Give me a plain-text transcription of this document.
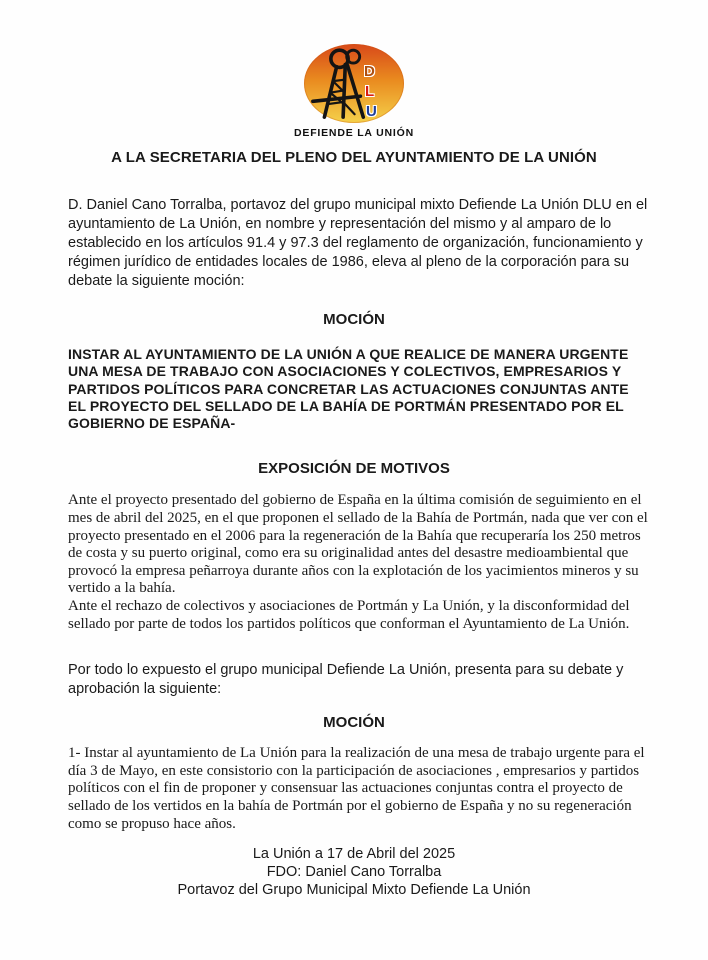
D
L
U
DEFIENDE LA UNIÓN
A LA SECRETARIA DEL PLENO DEL AYUNTAMIENTO DE LA UNIÓN

D. Daniel Cano Torralba, portavoz del grupo municipal mixto Defiende La Unión DLU en el ayuntamiento de La Unión, en nombre y representación del mismo y al amparo de lo establecido en los artículos 91.4 y 97.3 del reglamento de organización, funcionamiento y régimen jurídico de entidades locales de 1986, eleva al pleno de la corporación para su debate la siguiente moción:

MOCIÓN

INSTAR AL AYUNTAMIENTO DE LA UNIÓN A QUE REALICE DE MANERA URGENTE UNA MESA DE TRABAJO CON ASOCIACIONES Y COLECTIVOS, EMPRESARIOS Y PARTIDOS POLÍTICOS PARA CONCRETAR LAS ACTUACIONES CONJUNTAS ANTE EL PROYECTO DEL SELLADO DE LA BAHÍA DE PORTMÁN PRESENTADO POR EL GOBIERNO DE ESPAÑA-

EXPOSICIÓN DE MOTIVOS

Ante el proyecto presentado del gobierno de España en la última comisión de seguimiento en el mes de abril del 2025, en el que proponen el sellado de la Bahía de Portmán, nada que ver con el proyecto presentado en el 2006 para la regeneración de la Bahía que recuperaría los 250 metros de costa y su puerto original, como era su originalidad antes del desastre medioambiental que provocó la empresa peñarroya durante años con la explotación de los yacimientos mineros y su vertido a la bahía.

Ante el rechazo de colectivos y asociaciones de Portmán y La Unión, y la disconformidad del sellado por parte de todos los partidos políticos que conforman el Ayuntamiento de La Unión.

Por todo lo expuesto el grupo municipal Defiende La Unión, presenta para su debate y aprobación la siguiente:

MOCIÓN

1- Instar al ayuntamiento de La Unión para la realización de una mesa de trabajo urgente para el día 3 de Mayo, en este consistorio con la participación de asociaciones , empresarios y partidos políticos con el fin de proponer y consensuar las actuaciones conjuntas contra el proyecto de sellado de los vertidos en la bahía de Portmán por el gobierno de España y no su regeneración como se propuso hace años.

La Unión a 17 de Abril del 2025
FDO: Daniel Cano Torralba
Portavoz del Grupo Municipal Mixto Defiende La Unión
